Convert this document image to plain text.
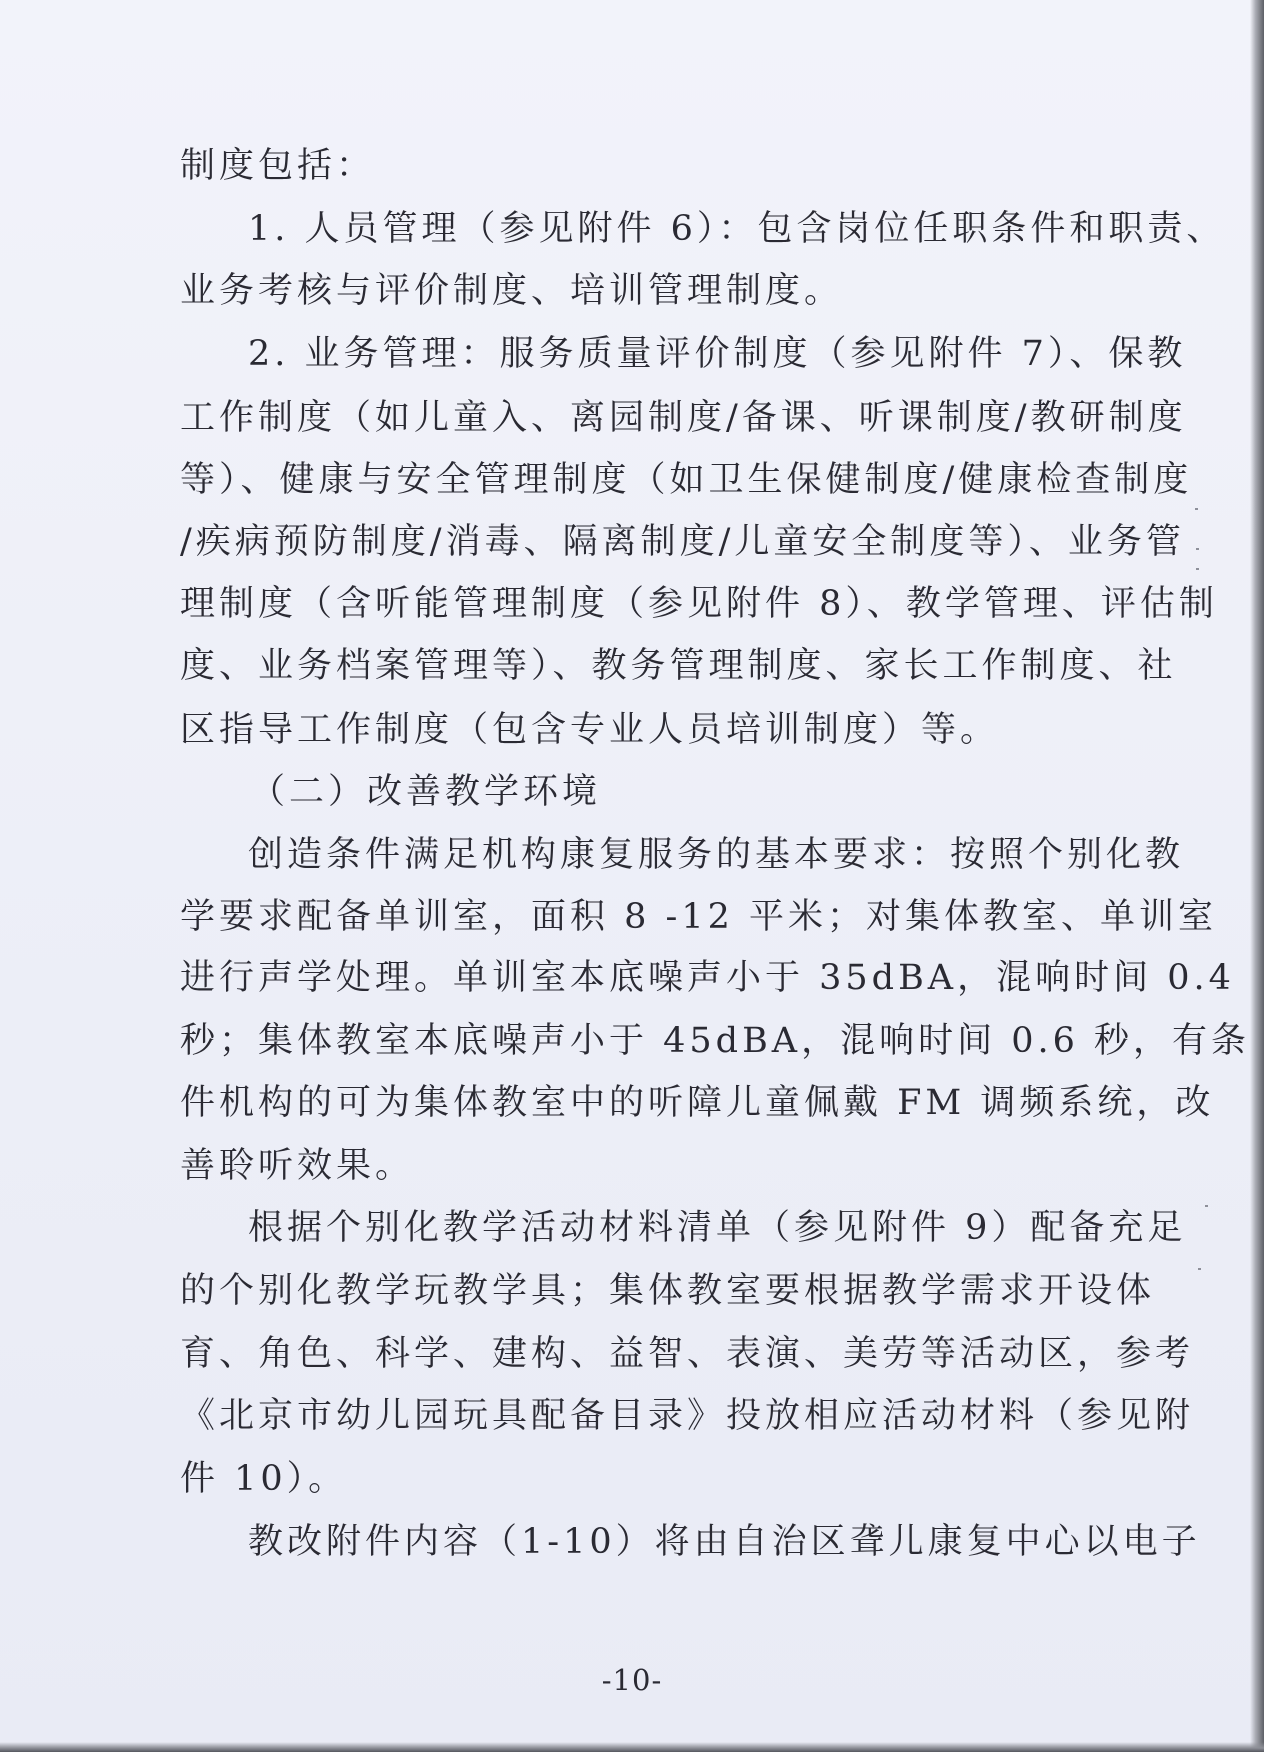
制度包括：
1. 人员管理（参见附件 6）：包含岗位任职条件和职责、
业务考核与评价制度、培训管理制度。
2. 业务管理：服务质量评价制度（参见附件 7）、保教
工作制度（如儿童入、离园制度/备课、听课制度/教研制度
等）、健康与安全管理制度（如卫生保健制度/健康检查制度
/疾病预防制度/消毒、隔离制度/儿童安全制度等）、业务管
理制度（含听能管理制度（参见附件 8）、教学管理、评估制
度、业务档案管理等）、教务管理制度、家长工作制度、社
区指导工作制度（包含专业人员培训制度）等。
（二）改善教学环境
创造条件满足机构康复服务的基本要求：按照个别化教
学要求配备单训室，面积 8 -12 平米；对集体教室、单训室
进行声学处理。单训室本底噪声小于 35dBA，混响时间 0.4
秒；集体教室本底噪声小于 45dBA，混响时间 0.6 秒，有条
件机构的可为集体教室中的听障儿童佩戴 FM 调频系统，改
善聆听效果。
根据个别化教学活动材料清单（参见附件 9）配备充足
的个别化教学玩教学具；集体教室要根据教学需求开设体
育、角色、科学、建构、益智、表演、美劳等活动区，参考
《北京市幼儿园玩具配备目录》投放相应活动材料（参见附
件 10）。
教改附件内容（1-10）将由自治区聋儿康复中心以电子
-10-
